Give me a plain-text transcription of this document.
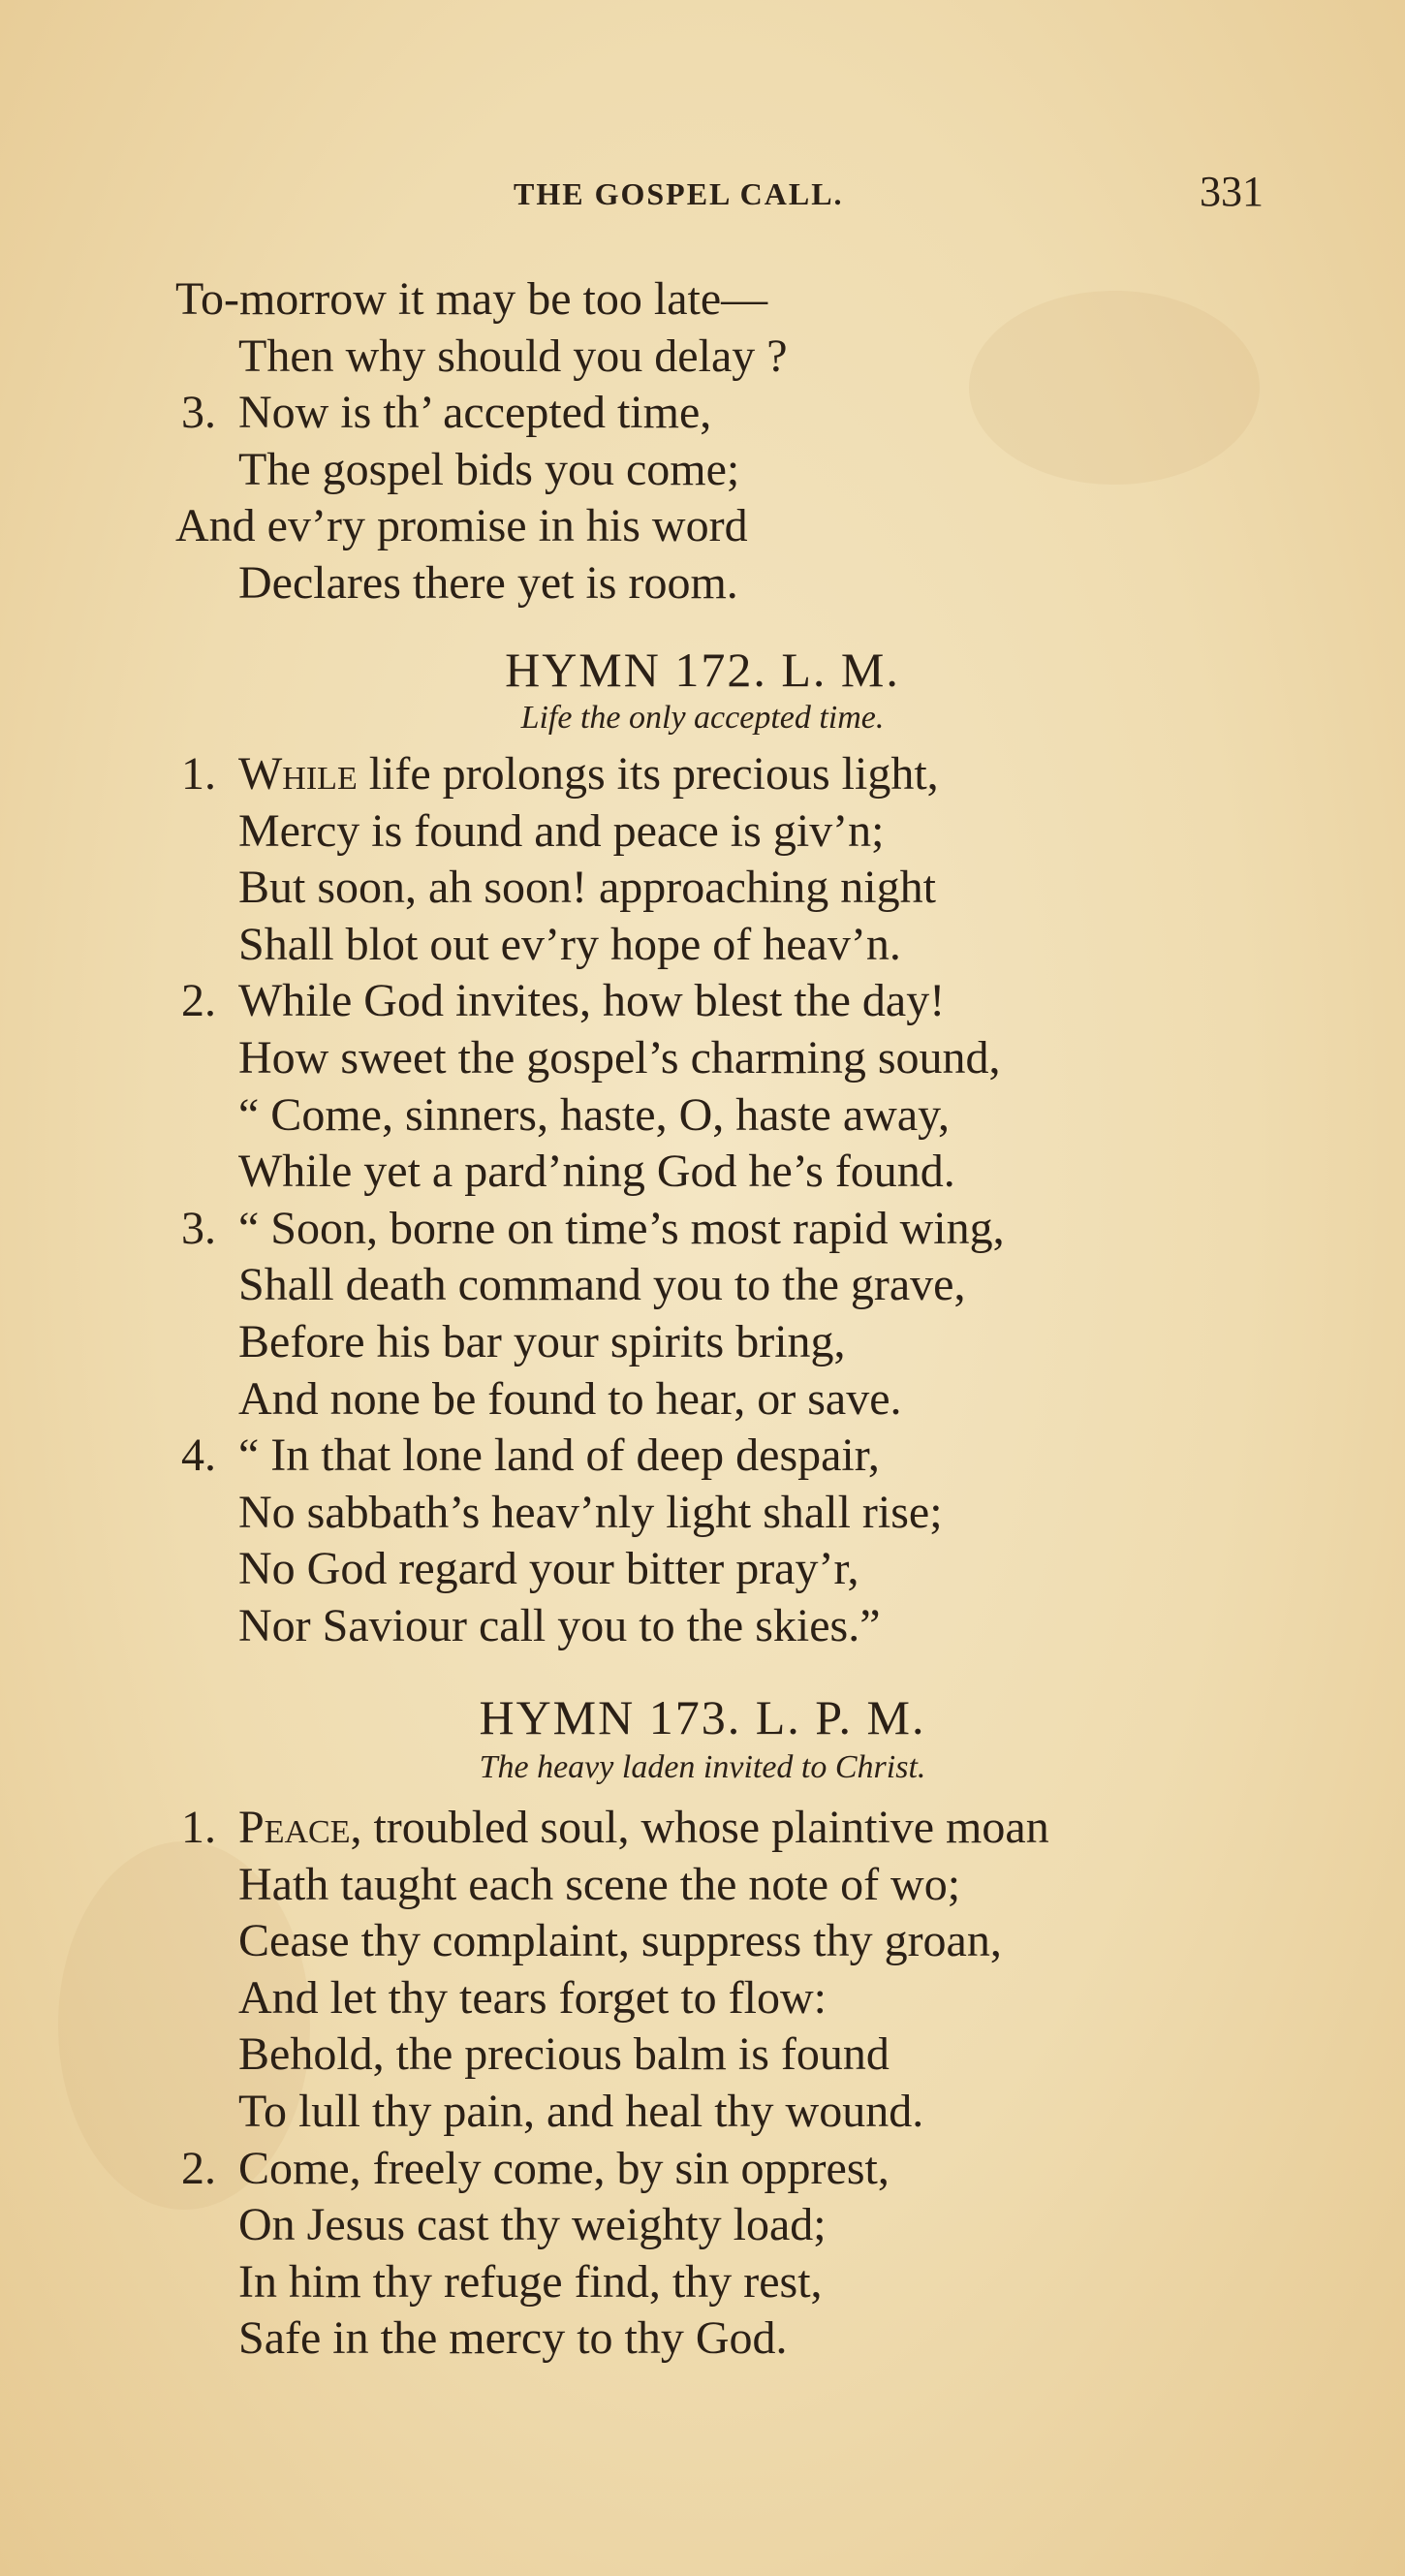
THE GOSPEL CALL.	331
To-morrow it may be too late—
Then why should you delay ?
3. Now is th’ accepted time,
The gospel bids you come;
And ev’ry promise in his word
Declares there yet is room.
HYMN 172. L. M.
Life the only accepted time.
1. While life prolongs its precious light,
Mercy is found and peace is giv’n;
But soon, ah soon! approaching night
Shall blot out ev’ry hope of heav’n.
2. While God invites, how blest the day!
How sweet the gospel’s charming sound,
“ Come, sinners, haste, O, haste away,
While yet a pard’ning God he’s found.
3. “ Soon, borne on time’s most rapid wing,
Shall death command you to the grave,
Before his bar your spirits bring,
And none be found to hear, or save.
4. “ In that lone land of deep despair,
No sabbath’s heav’nly light shall rise;
No God regard your bitter pray’r,
Nor Saviour call you to the skies.”
HYMN 173. L. P. M.
The heavy laden invited to Christ.
1. Peace, troubled soul, whose plaintive moan
Hath taught each scene the note of wo;
Cease thy complaint, suppress thy groan,
And let thy tears forget to flow:
Behold, the precious balm is found
To lull thy pain, and heal thy wound.
2. Come, freely come, by sin opprest,
On Jesus cast thy weighty load;
In him thy refuge find, thy rest,
Safe in the mercy to thy God.
